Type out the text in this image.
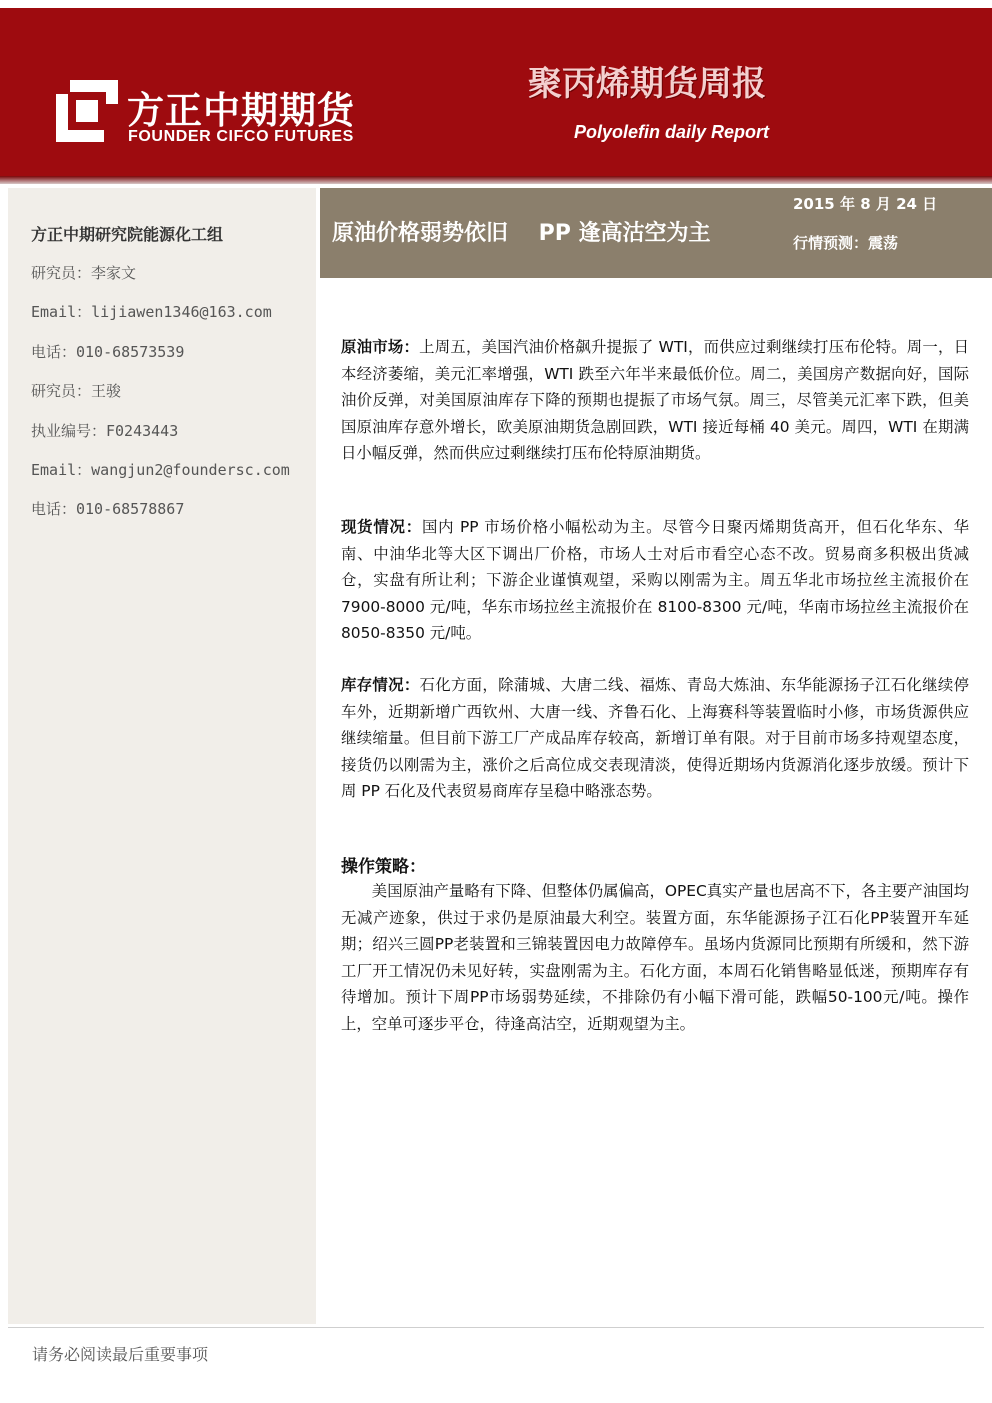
方正中期期货
FOUNDER CIFCO FUTURES
聚丙烯期货周报
Polyolefin daily Report
方正中期研究院能源化工组
研究员：李家文
Email：lijiawen1346@163.com
电话：010-68573539
研究员：王骏
执业编号：F0243443
Email：wangjun2@foundersc.com
电话：010-68578867
原油价格弱势依旧    PP 逢高沽空为主
2015 年 8 月 24 日
行情预测：震荡

原油市场：上周五，美国汽油价格飙升提振了 WTI，而供应过剩继续打压布伦特。周一，日本经济萎缩，美元汇率增强，WTI 跌至六年半来最低价位。周二，美国房产数据向好，国际油价反弹，对美国原油库存下降的预期也提振了市场气氛。周三，尽管美元汇率下跌，但美国原油库存意外增长，欧美原油期货急剧回跌，WTI 接近每桶 40 美元。周四，WTI 在期满日小幅反弹，然而供应过剩继续打压布伦特原油期货。

现货情况：国内 PP 市场价格小幅松动为主。尽管今日聚丙烯期货高开，但石化华东、华南、中油华北等大区下调出厂价格，市场人士对后市看空心态不改。贸易商多积极出货减仓，实盘有所让利；下游企业谨慎观望，采购以刚需为主。周五华北市场拉丝主流报价在 7900-8000 元/吨，华东市场拉丝主流报价在 8100-8300 元/吨，华南市场拉丝主流报价在 8050-8350 元/吨。

库存情况：石化方面，除蒲城、大唐二线、福炼、青岛大炼油、东华能源扬子江石化继续停车外，近期新增广西钦州、大唐一线、齐鲁石化、上海赛科等装置临时小修，市场货源供应继续缩量。但目前下游工厂产成品库存较高，新增订单有限。对于目前市场多持观望态度，接货仍以刚需为主，涨价之后高位成交表现清淡，使得近期场内货源消化逐步放缓。预计下周 PP 石化及代表贸易商库存呈稳中略涨态势。

操作策略：

美国原油产量略有下降、但整体仍属偏高，OPEC真实产量也居高不下，各主要产油国均无减产迹象，供过于求仍是原油最大利空。装置方面，东华能源扬子江石化PP装置开车延期；绍兴三圆PP老装置和三锦装置因电力故障停车。虽场内货源同比预期有所缓和，然下游工厂开工情况仍未见好转，实盘刚需为主。石化方面，本周石化销售略显低迷，预期库存有待增加。预计下周PP市场弱势延续，不排除仍有小幅下滑可能，跌幅50-100元/吨。操作上，空单可逐步平仓，待逢高沽空，近期观望为主。

请务必阅读最后重要事项
